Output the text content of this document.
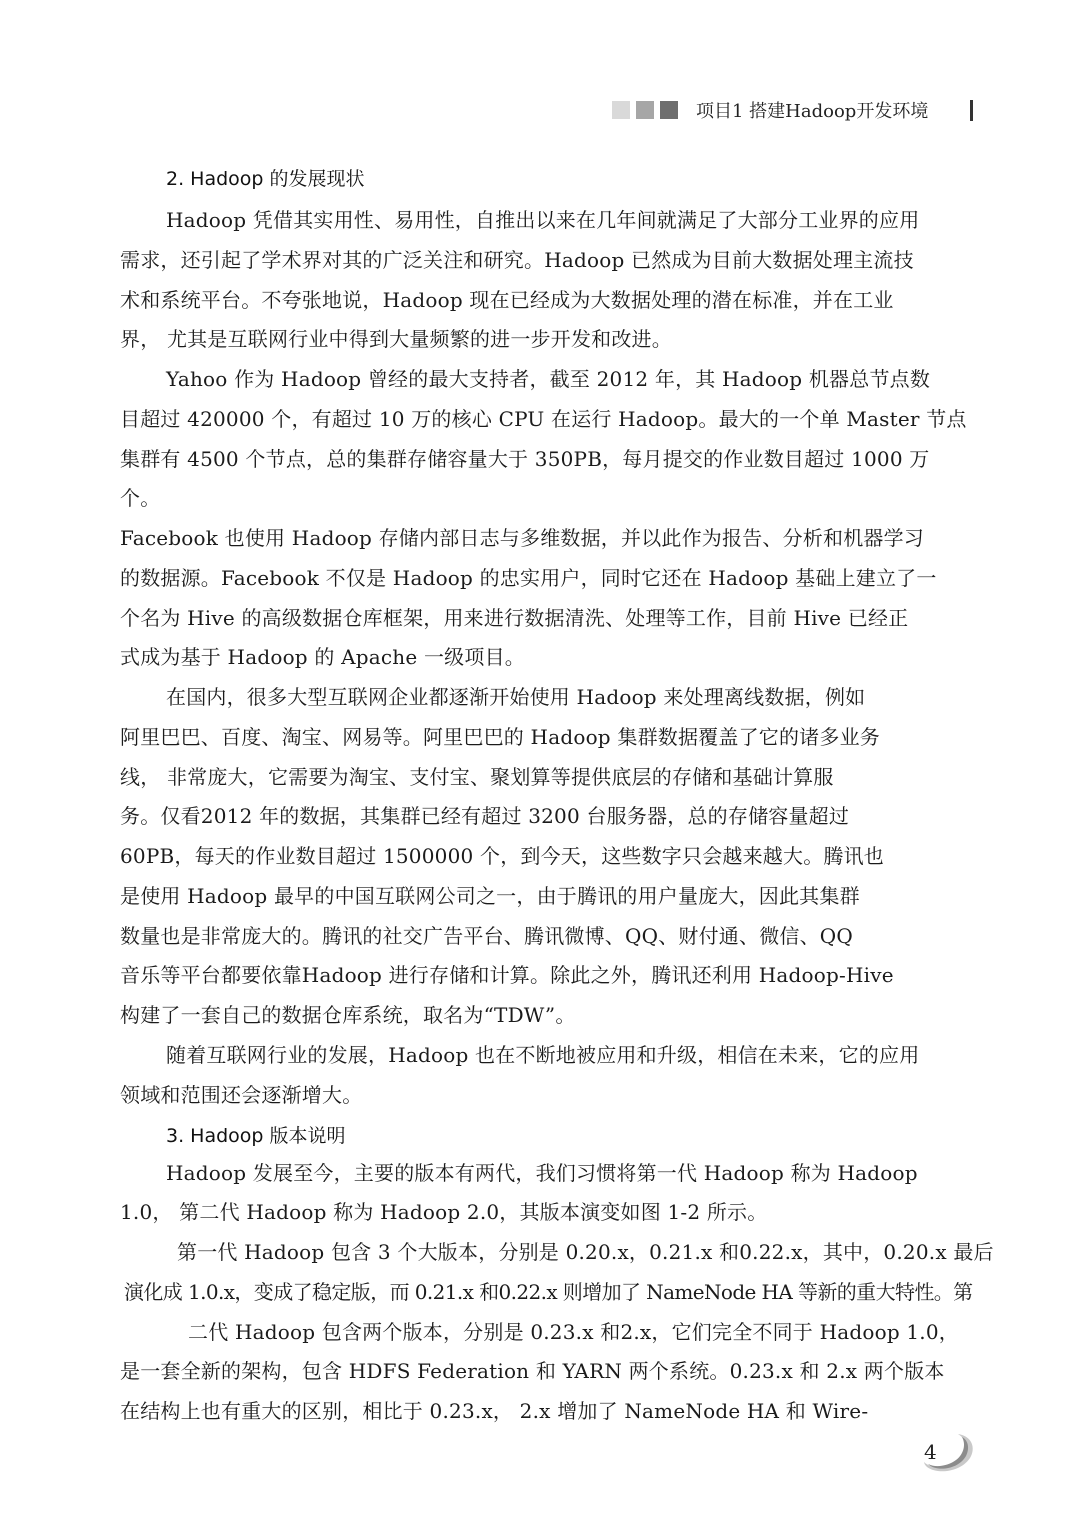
项目1 搭建Hadoop开发环境
2. Hadoop 的发展现状
Hadoop 凭借其实用性、易用性，自推出以来在几年间就满足了大部分工业界的应用
需求，还引起了学术界对其的广泛关注和研究。Hadoop 已然成为目前大数据处理主流技
术和系统平台。不夸张地说，Hadoop 现在已经成为大数据处理的潜在标准，并在工业
界， 尤其是互联网行业中得到大量频繁的进一步开发和改进。
Yahoo 作为 Hadoop 曾经的最大支持者，截至 2012 年，其 Hadoop 机器总节点数
目超过 420000 个，有超过 10 万的核心 CPU 在运行 Hadoop。最大的一个单 Master 节点
集群有 4500 个节点，总的集群存储容量大于 350PB，每月提交的作业数目超过 1000 万
个。
Facebook 也使用 Hadoop 存储内部日志与多维数据，并以此作为报告、分析和机器学习
的数据源。Facebook 不仅是 Hadoop 的忠实用户，同时它还在 Hadoop 基础上建立了一
个名为 Hive 的高级数据仓库框架，用来进行数据清洗、处理等工作，目前 Hive 已经正
式成为基于 Hadoop 的 Apache 一级项目。
在国内，很多大型互联网企业都逐渐开始使用 Hadoop 来处理离线数据，例如
阿里巴巴、百度、淘宝、网易等。阿里巴巴的 Hadoop 集群数据覆盖了它的诸多业务
线， 非常庞大，它需要为淘宝、支付宝、聚划算等提供底层的存储和基础计算服
务。仅看2012 年的数据，其集群已经有超过 3200 台服务器，总的存储容量超过
60PB，每天的作业数目超过 1500000 个，到今天，这些数字只会越来越大。腾讯也
是使用 Hadoop 最早的中国互联网公司之一，由于腾讯的用户量庞大，因此其集群
数量也是非常庞大的。腾讯的社交广告平台、腾讯微博、QQ、财付通、微信、QQ
音乐等平台都要依靠Hadoop 进行存储和计算。除此之外，腾讯还利用 Hadoop-Hive
构建了一套自己的数据仓库系统，取名为“TDW”。
随着互联网行业的发展，Hadoop 也在不断地被应用和升级，相信在未来，它的应用
领域和范围还会逐渐增大。
3. Hadoop 版本说明
Hadoop 发展至今，主要的版本有两代，我们习惯将第一代 Hadoop 称为 Hadoop
1.0， 第二代 Hadoop 称为 Hadoop 2.0，其版本演变如图 1-2 所示。
第一代 Hadoop 包含 3 个大版本，分别是 0.20.x，0.21.x 和0.22.x，其中，0.20.x 最后
演化成 1.0.x，变成了稳定版，而 0.21.x 和0.22.x 则增加了 NameNode HA 等新的重大特性。第
二代 Hadoop 包含两个版本，分别是 0.23.x 和2.x，它们完全不同于 Hadoop 1.0，
是一套全新的架构，包含 HDFS Federation 和 YARN 两个系统。0.23.x 和 2.x 两个版本
在结构上也有重大的区别，相比于 0.23.x， 2.x 增加了 NameNode HA 和 Wire-
4
